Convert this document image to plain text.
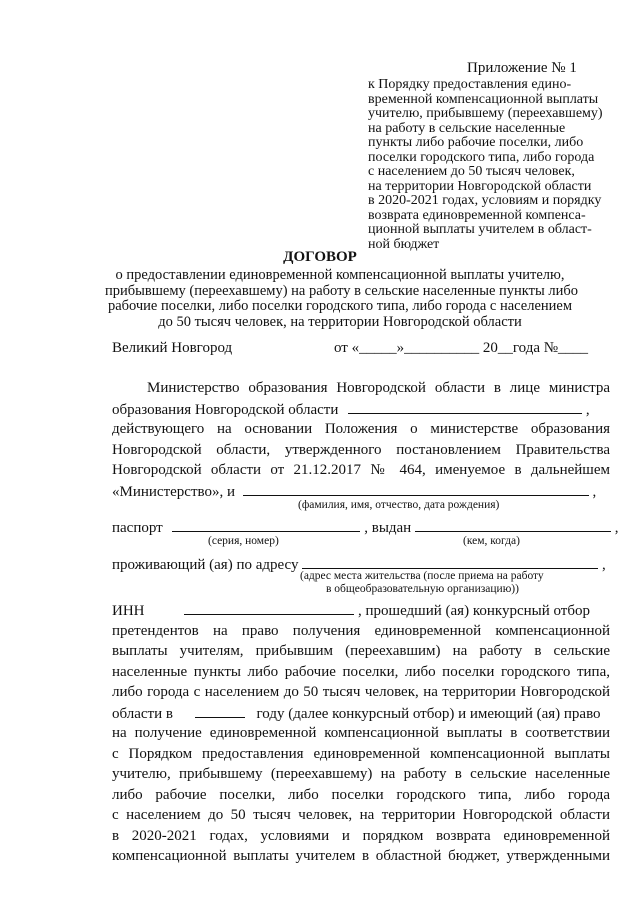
Приложение № 1
к Порядку предоставления едино-
временной компенсационной выплаты
учителю, прибывшему (переехавшему)
на работу в сельские населенные
пункты либо рабочие поселки, либо
поселки городского типа, либо города
с населением до 50 тысяч человек,
на территории Новгородской области
в 2020-2021 годах, условиям и порядку
возврата единовременной компенса-
ционной выплаты учителем в област-
ной бюджет
ДОГОВОР
о предоставлении единовременной компенсационной выплаты учителю,
прибывшему (переехавшему) на работу в сельские населенные пункты либо
рабочие поселки, либо поселки городского типа, либо города с населением
до 50 тысяч человек, на территории Новгородской области
Великий Новгород	от «_____»__________ 20__года №____
Министерство образования Новгородской области в лице министра
образования Новгородской области	,
действующего на основании Положения о министерстве образования
Новгородской области, утвержденного постановлением Правительства
Новгородской области от 21.12.2017 № 464, именуемое в дальнейшем
«Министерство», и	,
(фамилия, имя, отчество, дата рождения)
паспорт	, выдан	,
(серия, номер)	(кем, когда)
проживающий (ая) по адресу	,
(адрес места жительства (после приема на работу
в общеобразовательную организацию))
ИНН	, прошедший (ая) конкурсный отбор
претендентов на право получения единовременной компенсационной
выплаты учителям, прибывшим (переехавшим) на работу в сельские
населенные пункты либо рабочие поселки, либо поселки городского типа,
либо города с населением до 50 тысяч человек, на территории Новгородской
области в	году (далее конкурсный отбор) и имеющий (ая) право
на получение единовременной компенсационной выплаты в соответствии
с Порядком предоставления единовременной компенсационной выплаты
учителю, прибывшему (переехавшему) на работу в сельские населенные
либо рабочие поселки, либо поселки городского типа, либо города
с населением до 50 тысяч человек, на территории Новгородской области
в 2020-2021 годах, условиями и порядком возврата единовременной
компенсационной выплаты учителем в областной бюджет, утвержденными
